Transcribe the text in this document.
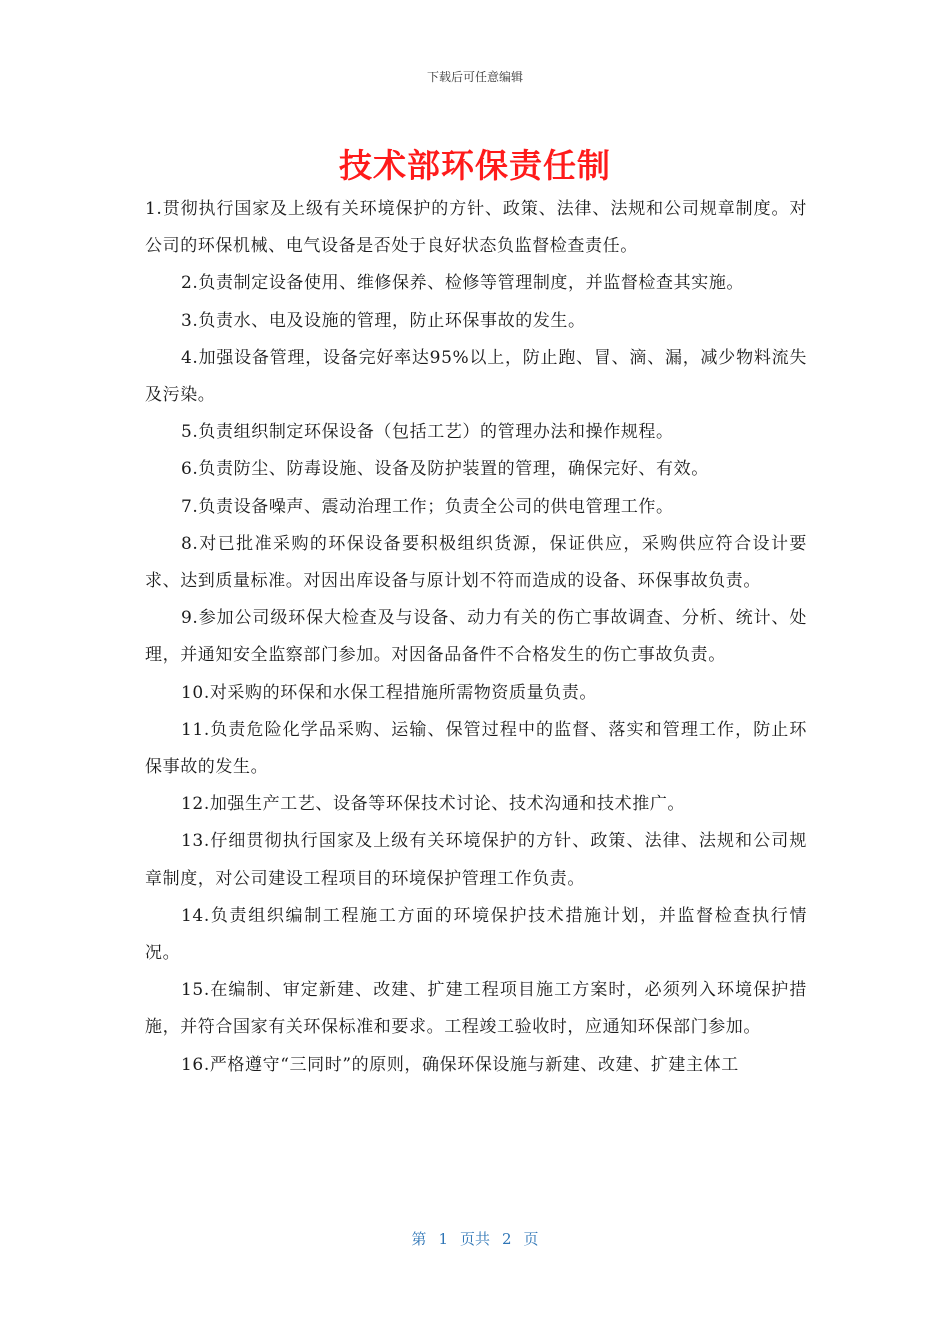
下载后可任意编辑
技术部环保责任制

1.贯彻执行国家及上级有关环境保护的方针、政策、法律、法规和公司规章制度。对公司的环保机械、电气设备是否处于良好状态负监督检查责任。

2.负责制定设备使用、维修保养、检修等管理制度，并监督检查其实施。

3.负责水、电及设施的管理，防止环保事故的发生。

4.加强设备管理，设备完好率达95%以上，防止跑、冒、滴、漏，减少物料流失及污染。

5.负责组织制定环保设备（包括工艺）的管理办法和操作规程。

6.负责防尘、防毒设施、设备及防护装置的管理，确保完好、有效。

7.负责设备噪声、震动治理工作；负责全公司的供电管理工作。

8.对已批准采购的环保设备要积极组织货源，保证供应，采购供应符合设计要求、达到质量标准。对因出库设备与原计划不符而造成的设备、环保事故负责。

9.参加公司级环保大检查及与设备、动力有关的伤亡事故调查、分析、统计、处理，并通知安全监察部门参加。对因备品备件不合格发生的伤亡事故负责。

10.对采购的环保和水保工程措施所需物资质量负责。

11.负责危险化学品采购、运输、保管过程中的监督、落实和管理工作，防止环保事故的发生。

12.加强生产工艺、设备等环保技术讨论、技术沟通和技术推广。

13.仔细贯彻执行国家及上级有关环境保护的方针、政策、法律、法规和公司规章制度，对公司建设工程项目的环境保护管理工作负责。

14.负责组织编制工程施工方面的环境保护技术措施计划，并监督检查执行情况。

15.在编制、审定新建、改建、扩建工程项目施工方案时，必须列入环境保护措施，并符合国家有关环保标准和要求。工程竣工验收时，应通知环保部门参加。

16.严格遵守“三同时”的原则，确保环保设施与新建、改建、扩建主体工

第 1 页共 2 页
